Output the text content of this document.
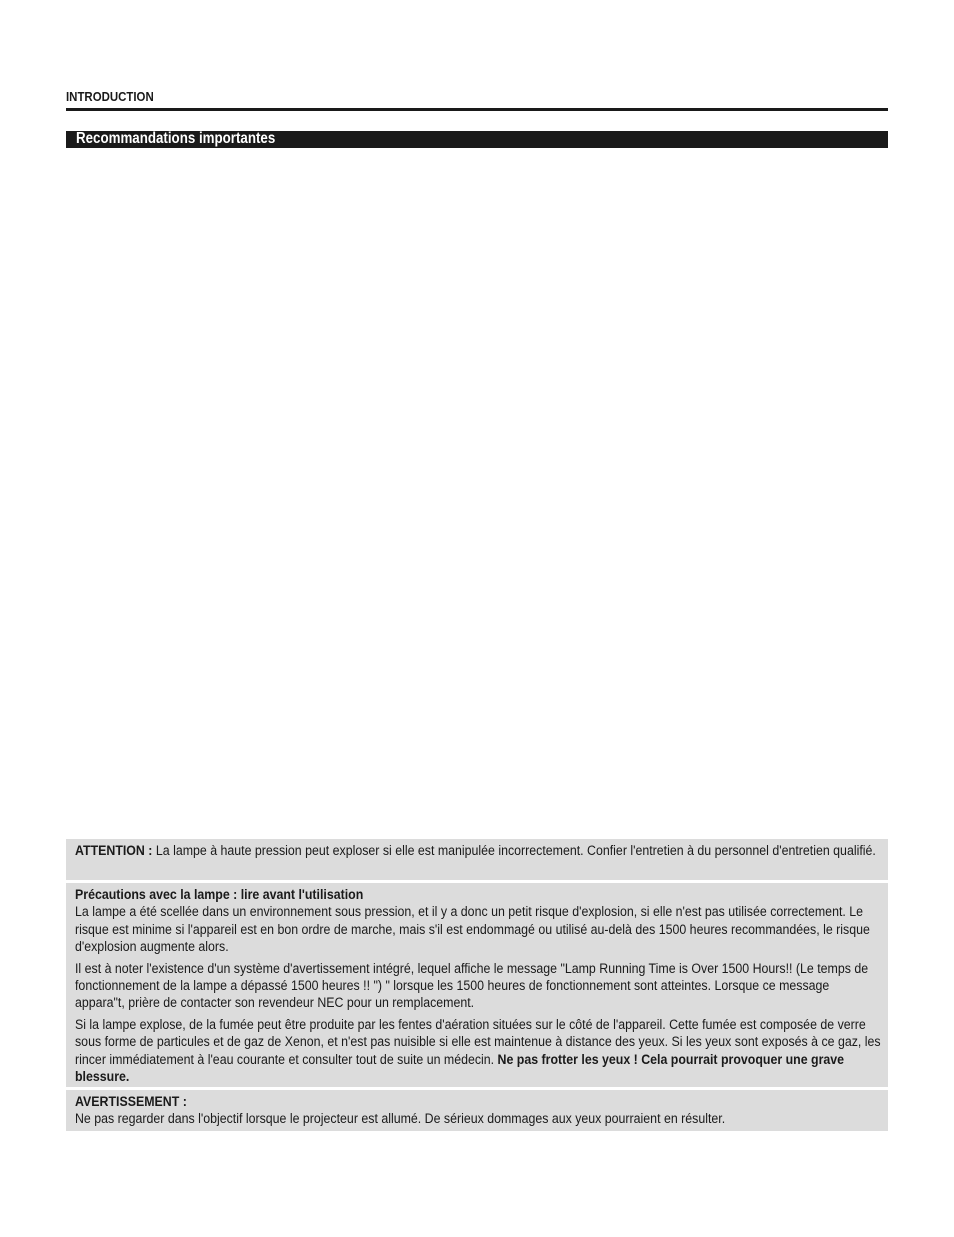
INTRODUCTION
Recommandations importantes

ATTENTION : La lampe à haute pression peut exploser si elle est manipulée incorrectement. Confier l'entretien à du personnel d'entretien qualifié.

Précautions avec la lampe : lire avant l'utilisation
La lampe a été scellée dans un environnement sous pression, et il y a donc un petit risque d'explosion, si elle n'est pas utilisée correctement. Le risque est minime si l'appareil est en bon ordre de marche, mais s'il est endommagé ou utilisé au-delà des 1500 heures recommandées, le risque d'explosion augmente alors.

Il est à noter l'existence d'un système d'avertissement intégré, lequel affiche le message "Lamp Running Time is Over 1500 Hours!! (Le temps de fonctionnement de la lampe a dépassé 1500 heures !! ") " lorsque les 1500 heures de fonctionnement sont atteintes. Lorsque ce message appara"t, prière de contacter son revendeur NEC pour un remplacement.

Si la lampe explose, de la fumée peut être produite par les fentes d'aération situées sur le côté de l'appareil. Cette fumée est composée de verre sous forme de particules et de gaz de Xenon, et n'est pas nuisible si elle est maintenue à distance des yeux. Si les yeux sont exposés à ce gaz, les rincer immédiatement à l'eau courante et consulter tout de suite un médecin. Ne pas frotter les yeux ! Cela pourrait provoquer une grave blessure.

AVERTISSEMENT :
Ne pas regarder dans l'objectif lorsque le projecteur est allumé. De sérieux dommages aux yeux pourraient en résulter.
